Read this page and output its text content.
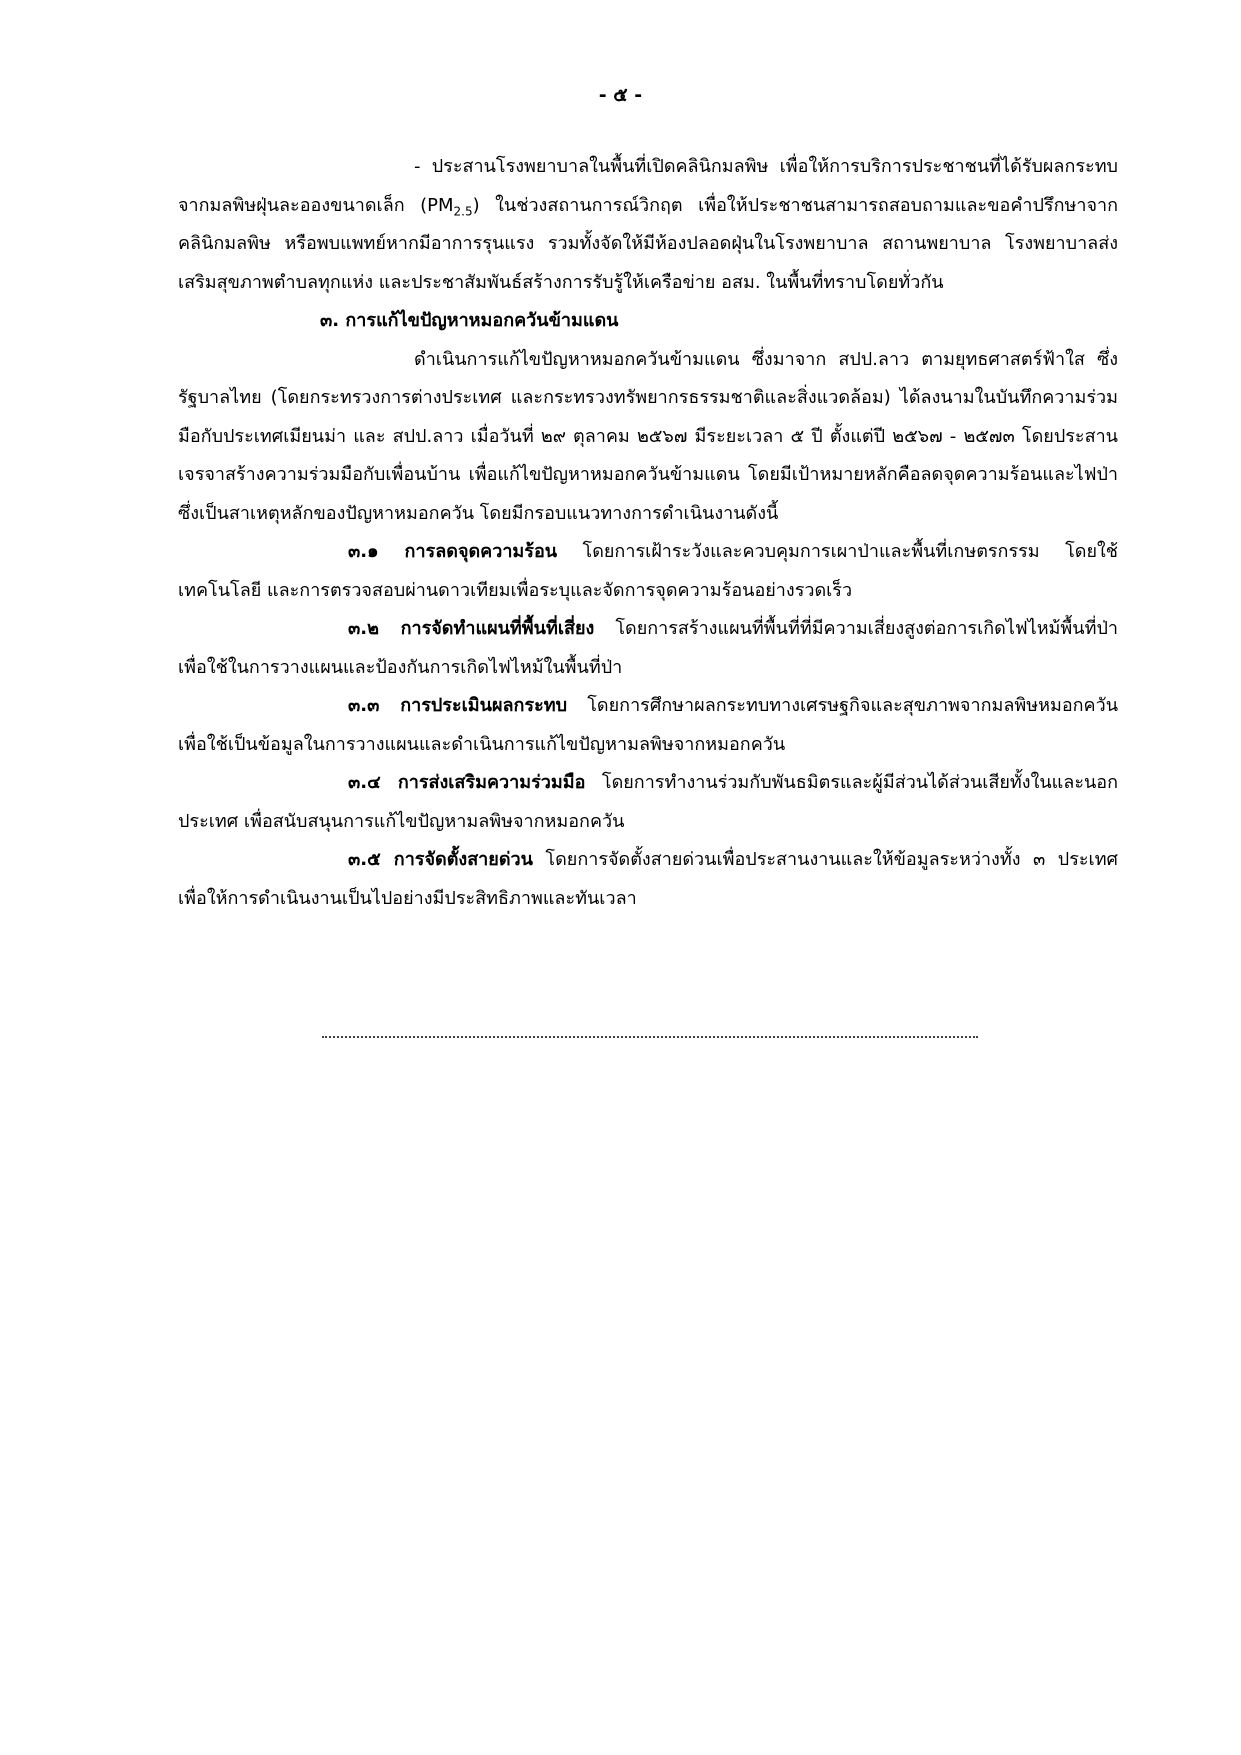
- ๕ -

- ประสานโรงพยาบาลในพื้นที่เปิดคลินิกมลพิษ เพื่อให้การบริการประชาชนที่ได้รับผลกระทบจากมลพิษฝุ่นละอองขนาดเล็ก $(PM_{2.5})$ ในช่วงสถานการณ์วิกฤต เพื่อให้ประชาชนสามารถสอบถามและขอคำปรึกษาจากคลินิกมลพิษ หรือพบแพทย์หากมีอาการรุนแรง รวมทั้งจัดให้มีห้องปลอดฝุ่นในโรงพยาบาล สถานพยาบาล โรงพยาบาลส่งเสริมสุขภาพตำบลทุกแห่ง และประชาสัมพันธ์สร้างการรับรู้ให้เครือข่าย อสม. ในพื้นที่ทราบโดยทั่วกัน

๓. การแก้ไขปัญหาหมอกควันข้ามแดน

ดำเนินการแก้ไขปัญหาหมอกควันข้ามแดน ซึ่งมาจาก สปป.ลาว ตามยุทธศาสตร์ฟ้าใส ซึ่งรัฐบาลไทย (โดยกระทรวงการต่างประเทศ และกระทรวงทรัพยากรธรรมชาติและสิ่งแวดล้อม) ได้ลงนามในบันทึกความร่วมมือกับประเทศเมียนม่า และ สปป.ลาว เมื่อวันที่ ๒๙ ตุลาคม ๒๕๖๗ มีระยะเวลา ๕ ปี ตั้งแต่ปี ๒๕๖๗ - ๒๕๗๓ โดยประสานเจรจาสร้างความร่วมมือกับเพื่อนบ้าน เพื่อแก้ไขปัญหาหมอกควันข้ามแดน โดยมีเป้าหมายหลักคือลดจุดความร้อนและไฟป่า ซึ่งเป็นสาเหตุหลักของปัญหาหมอกควัน โดยมีกรอบแนวทางการดำเนินงานดังนี้

๓.๑ การลดจุดความร้อน โดยการเฝ้าระวังและควบคุมการเผาป่าและพื้นที่เกษตรกรรม โดยใช้เทคโนโลยี และการตรวจสอบผ่านดาวเทียมเพื่อระบุและจัดการจุดความร้อนอย่างรวดเร็ว

๓.๒ การจัดทำแผนที่พื้นที่เสี่ยง โดยการสร้างแผนที่พื้นที่ที่มีความเสี่ยงสูงต่อการเกิดไฟไหม้พื้นที่ป่า เพื่อใช้ในการวางแผนและป้องกันการเกิดไฟไหม้ในพื้นที่ป่า

๓.๓ การประเมินผลกระทบ โดยการศึกษาผลกระทบทางเศรษฐกิจและสุขภาพจากมลพิษหมอกควัน เพื่อใช้เป็นข้อมูลในการวางแผนและดำเนินการแก้ไขปัญหามลพิษจากหมอกควัน

๓.๔ การส่งเสริมความร่วมมือ โดยการทำงานร่วมกับพันธมิตรและผู้มีส่วนได้ส่วนเสียทั้งในและนอกประเทศ เพื่อสนับสนุนการแก้ไขปัญหามลพิษจากหมอกควัน

๓.๕ การจัดตั้งสายด่วน โดยการจัดตั้งสายด่วนเพื่อประสานงานและให้ข้อมูลระหว่างทั้ง ๓ ประเทศ เพื่อให้การดำเนินงานเป็นไปอย่างมีประสิทธิภาพและทันเวลา
